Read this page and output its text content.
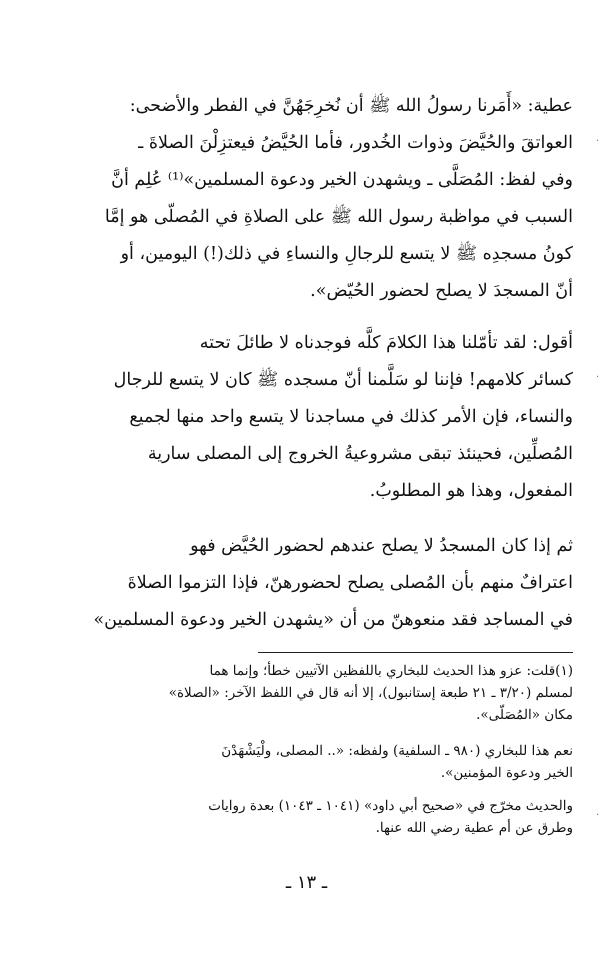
عطية: «أَمَرنا رسولُ الله ﷺ أن نُخرِجَهُنَّ في الفطر والأضحى:
العواتقَ والحُيَّضَ وذوات الخُدور، فأما الحُيَّضُ فيعتزِلْنَ الصلاةَ ـ
وفي لفظ: المُصَلَّى ـ ويشهدن الخير ودعوة المسلمين»⁽¹⁾ عُلِم أنَّ
السبب في مواظبة رسول الله ﷺ على الصلاةِ في المُصلّى هو إمَّا
كونُ مسجدِه ﷺ لا يتسع للرجالِ والنساءِ في ذلك(!) اليومين، أو
أنّ المسجدَ لا يصلح لحضور الحُيّض».
أقول: لقد تأمّلنا هذا الكلامَ كلَّه فوجدناه لا طائلَ تحته
كسائر كلامهم! فإننا لو سَلَّمنا أنّ مسجده ﷺ كان لا يتسع للرجال
والنساء، فإن الأمر كذلك في مساجدنا لا يتسع واحد منها لجميع
المُصلِّين، فحينئذ تبقى مشروعيةُ الخروج إلى المصلى سارية
المفعول، وهذا هو المطلوبُ.
ثم إذا كان المسجدُ لا يصلح عندهم لحضور الحُيَّض فهو
اعترافٌ منهم بأن المُصلى يصلح لحضورهنّ، فإذا التزموا الصلاةَ
في المساجد فقد منعوهنّ من أن «يشهدن الخير ودعوة المسلمين»
(١)قلت: عزو هذا الحديث للبخاري باللفظين الآتيين خطأ؛ وإنما هما
لمسلم (٣/٢٠ ـ ٢١ طبعة إستانبول)، إلا أنه قال في اللفظ الآخر: «الصلاة»
مكان «المُصَلَّى».
نعم هذا للبخاري (٩٨٠ ـ السلفية) ولفظه: «.. المصلى، ولْيَشْهَدْنَ
الخير ودعوة المؤمنين».
والحديث مخرّج في «صحيح أبي داود» (١٠٤١ ـ ١٠٤٣) بعدة روايات
وطرق عن أم عطية رضي الله عنها.
ـ ١٣ ـ
·
·
·
